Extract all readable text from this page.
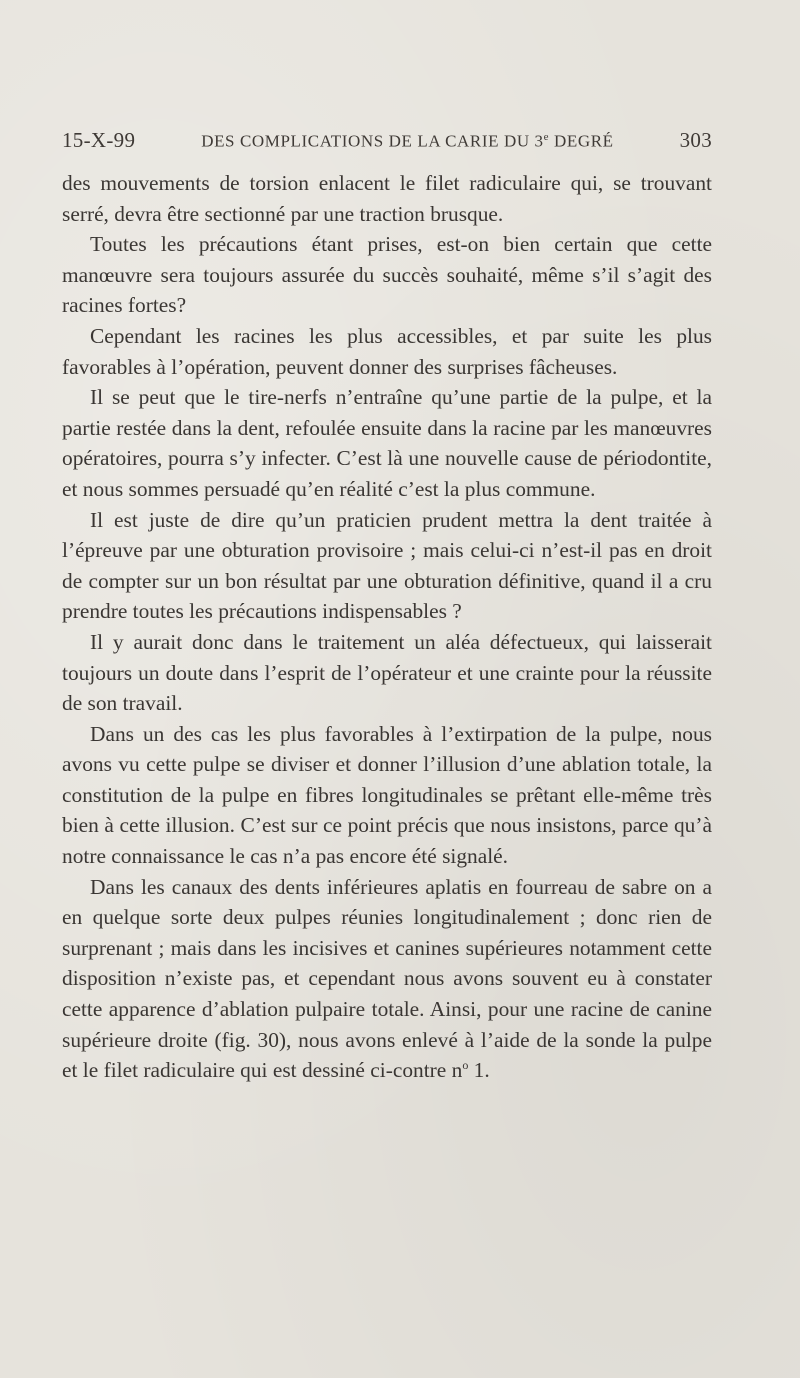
15-X-99	DES COMPLICATIONS DE LA CARIE DU 3e DEGRÉ	303

des mouvements de torsion enlacent le filet radiculaire qui, se trouvant serré, devra être sectionné par une traction brusque.

Toutes les précautions étant prises, est-on bien certain que cette manœuvre sera toujours assurée du succès souhaité, même s’il s’agit des racines fortes?

Cependant les racines les plus accessibles, et par suite les plus favorables à l’opération, peuvent donner des surprises fâcheuses.

Il se peut que le tire-nerfs n’entraîne qu’une partie de la pulpe, et la partie restée dans la dent, refoulée ensuite dans la racine par les manœuvres opératoires, pourra s’y infecter. C’est là une nouvelle cause de périodontite, et nous sommes persuadé qu’en réalité c’est la plus commune.

Il est juste de dire qu’un praticien prudent mettra la dent traitée à l’épreuve par une obturation provisoire ; mais celui-ci n’est-il pas en droit de compter sur un bon résultat par une obturation définitive, quand il a cru prendre toutes les précautions indispensables ?

Il y aurait donc dans le traitement un aléa défectueux, qui laisserait toujours un doute dans l’esprit de l’opérateur et une crainte pour la réussite de son travail.

Dans un des cas les plus favorables à l’extirpation de la pulpe, nous avons vu cette pulpe se diviser et donner l’illusion d’une ablation totale, la constitution de la pulpe en fibres longitudinales se prêtant elle-même très bien à cette illusion. C’est sur ce point précis que nous insistons, parce qu’à notre connaissance le cas n’a pas encore été signalé.

Dans les canaux des dents inférieures aplatis en fourreau de sabre on a en quelque sorte deux pulpes réunies longitudinalement ; donc rien de surprenant ; mais dans les incisives et canines supérieures notamment cette disposition n’existe pas, et cependant nous avons souvent eu à constater cette apparence d’ablation pulpaire totale. Ainsi, pour une racine de canine supérieure droite (fig. 30), nous avons enlevé à l’aide de la sonde la pulpe et le filet radiculaire qui est dessiné ci-contre $n^o$ 1.
